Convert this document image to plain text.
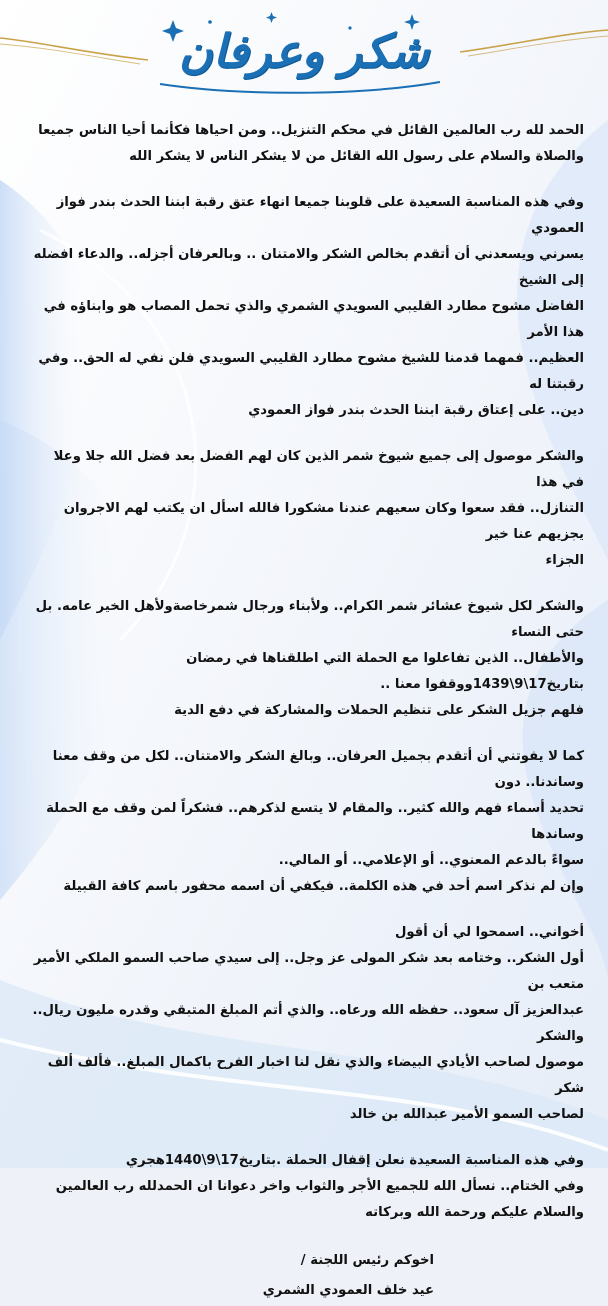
شكر وعرفان

الحمد لله رب العالمين القائل في محكم التنزيل.. ومن احياها فكأنما أحيا الناس جميعا

والصلاة والسلام على رسول الله القائل من لا يشكر الناس لا يشكر الله

وفي هذه المناسبة السعيدة على قلوبنا جميعا انهاء عتق رقبة ابننا الحدث بندر فواز العمودي

يسرني ويسعدني أن أتقدم بخالص الشكر والامتنان .. وبالعرفان أجزله.. والدعاء افضله إلى الشيخ

الفاضل مشوح مطارد القليبي السويدي الشمري والذي تحمل المصاب هو وابناؤه في هذا الأمر

العظيم.. فمهما قدمنا للشيخ مشوح مطارد القليبي السويدي فلن نفي له الحق.. وفي رقبتنا له

دين.. على إعتاق رقبة ابننا الحدث بندر فواز العمودي

والشكر موصول إلى جميع شيوخ شمر الذين كان لهم الفضل بعد فضل الله جلا وعلا في هذا

التنازل.. فقد سعوا وكان سعيهم عندنا مشكورا فالله اسأل ان يكتب لهم الاجروان يجزيهم عنا خير

الجزاء

والشكر لكل شيوخ عشائر شمر الكرام.. ولأبناء ورجال شمرخاصةولأهل الخير عامه. بل حتى النساء

والأطفال.. الذين تفاعلوا مع الحملة التي اطلقناها في رمضان بتاريخ17\9\1439ووقفوا معنا ..

فلهم جزيل الشكر على تنظيم الحملات والمشاركة في دفع الدية

كما لا يفوتني أن أتقدم بجميل العرفان.. وبالغ الشكر والامتنان.. لكل من وقف معنا وساندنا.. دون

تحديد أسماء فهم والله كثير.. والمقام لا يتسع لذكرهم.. فشكراً لمن وقف مع الحملة وساندها

سواءً بالدعم المعنوي.. أو الإعلامي.. أو المالي..

وإن لم نذكر اسم أحد في هذه الكلمة.. فيكفي أن اسمه محفور باسم كافة القبيلة

أخواني.. اسمحوا لي أن أقول

أول الشكر.. وختامه بعد شكر المولى عز وجل.. إلى سيدي صاحب السمو الملكي الأمير متعب بن

عبدالعزيز آل سعود.. حفظه الله ورعاه.. والذي أتم المبلغ المتبقي وقدره مليون ريال.. والشكر

موصول لصاحب الأيادي البيضاء والذي نقل لنا اخبار الفرح باكمال المبلغ.. فألف ألف شكر

لصاحب السمو الأمير عبدالله بن خالد

وفي هذه المناسبة السعيدة نعلن إقفال الحملة .بتاريخ17\9\1440هجري

وفي الختام.. نسأل الله للجميع الأجر والثواب واخر دعوانا ان الحمدلله رب العالمين

والسلام عليكم ورحمة الله وبركاته

اخوكم رئيس اللجنة /

عيد خلف العمودي الشمري
